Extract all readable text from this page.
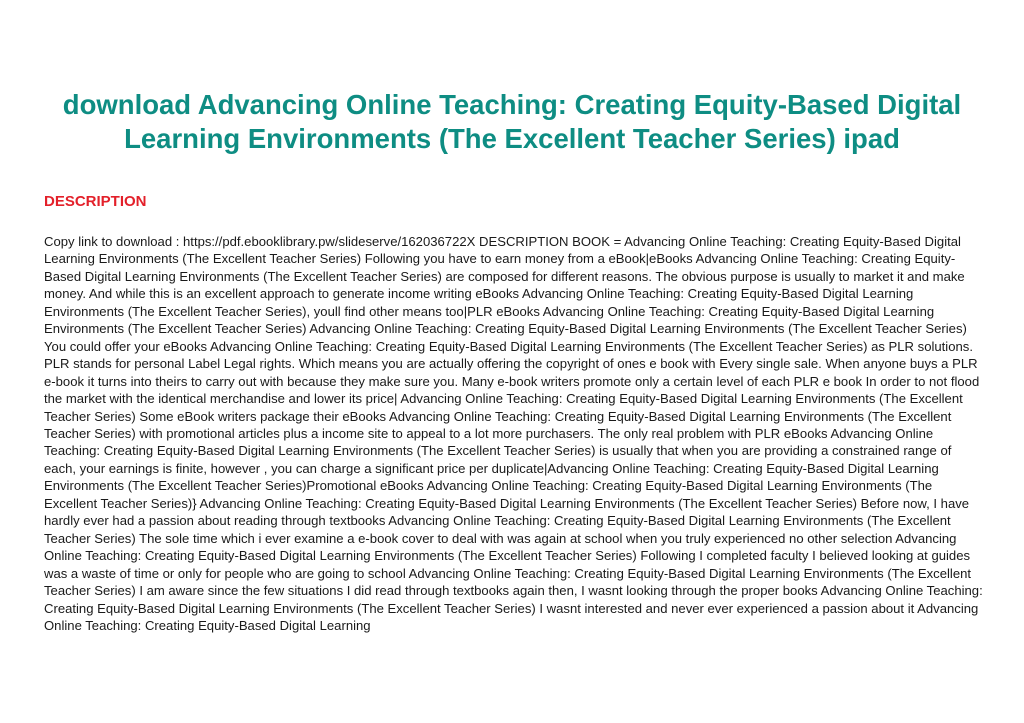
download Advancing Online Teaching: Creating Equity-Based Digital Learning Environments (The Excellent Teacher Series) ipad
DESCRIPTION

Copy link to download : https://pdf.ebooklibrary.pw/slideserve/162036722X DESCRIPTION BOOK = Advancing Online Teaching: Creating Equity-Based Digital Learning Environments (The Excellent Teacher Series) Following you have to earn money from a eBook|eBooks Advancing Online Teaching: Creating Equity-Based Digital Learning Environments (The Excellent Teacher Series) are composed for different reasons. The obvious purpose is usually to market it and make money. And while this is an excellent approach to generate income writing eBooks Advancing Online Teaching: Creating Equity-Based Digital Learning Environments (The Excellent Teacher Series), youll find other means too|PLR eBooks Advancing Online Teaching: Creating Equity-Based Digital Learning Environments (The Excellent Teacher Series) Advancing Online Teaching: Creating Equity-Based Digital Learning Environments (The Excellent Teacher Series) You could offer your eBooks Advancing Online Teaching: Creating Equity-Based Digital Learning Environments (The Excellent Teacher Series) as PLR solutions. PLR stands for personal Label Legal rights. Which means you are actually offering the copyright of ones e book with Every single sale. When anyone buys a PLR e-book it turns into theirs to carry out with because they make sure you. Many e-book writers promote only a certain level of each PLR e book In order to not flood the market with the identical merchandise and lower its price| Advancing Online Teaching: Creating Equity-Based Digital Learning Environments (The Excellent Teacher Series) Some eBook writers package their eBooks Advancing Online Teaching: Creating Equity-Based Digital Learning Environments (The Excellent Teacher Series) with promotional articles plus a income site to appeal to a lot more purchasers. The only real problem with PLR eBooks Advancing Online Teaching: Creating Equity-Based Digital Learning Environments (The Excellent Teacher Series) is usually that when you are providing a constrained range of each, your earnings is finite, however , you can charge a significant price per duplicate|Advancing Online Teaching: Creating Equity-Based Digital Learning Environments (The Excellent Teacher Series)Promotional eBooks Advancing Online Teaching: Creating Equity-Based Digital Learning Environments (The Excellent Teacher Series)} Advancing Online Teaching: Creating Equity-Based Digital Learning Environments (The Excellent Teacher Series) Before now, I have hardly ever had a passion about reading through textbooks Advancing Online Teaching: Creating Equity-Based Digital Learning Environments (The Excellent Teacher Series) The sole time which i ever examine a e-book cover to deal with was again at school when you truly experienced no other selection Advancing Online Teaching: Creating Equity-Based Digital Learning Environments (The Excellent Teacher Series) Following I completed faculty I believed looking at guides was a waste of time or only for people who are going to school Advancing Online Teaching: Creating Equity-Based Digital Learning Environments (The Excellent Teacher Series) I am aware since the few situations I did read through textbooks again then, I wasnt looking through the proper books Advancing Online Teaching: Creating Equity-Based Digital Learning Environments (The Excellent Teacher Series) I wasnt interested and never ever experienced a passion about it Advancing Online Teaching: Creating Equity-Based Digital Learning
